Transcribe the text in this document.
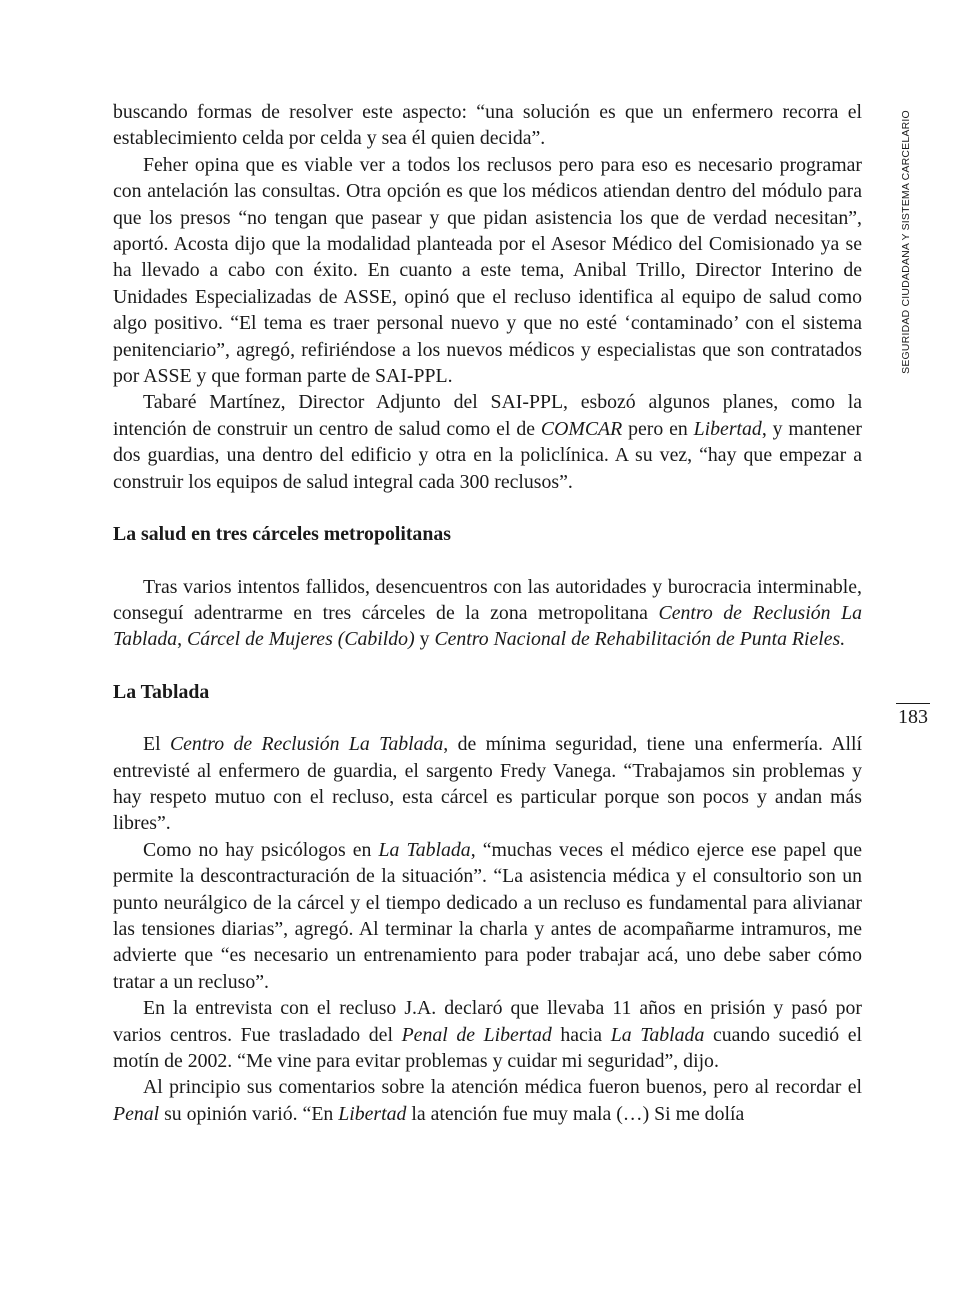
SEGURIDAD CIUDADANA Y SISTEMA CARCELARIO
183

buscando formas de resolver este aspecto: “una solución es que un enfermero recorra el establecimiento celda por celda y sea él quien decida”.

Feher opina que es viable ver a todos los reclusos pero para eso es necesario programar con antelación las consultas. Otra opción es que los médicos atiendan dentro del módulo para que los presos “no tengan que pasear y que pidan asistencia los que de verdad necesitan”, aportó. Acosta dijo que la modalidad planteada por el Asesor Médico del Comisionado ya se ha llevado a cabo con éxito. En cuanto a este tema, Anibal Trillo, Director Interino de Unidades Especializadas de ASSE, opinó que el recluso identifica al equipo de salud como algo positivo. “El tema es traer personal nuevo y que no esté ‘contaminado’ con el sistema penitenciario”, agregó, refiriéndose a los nuevos médicos y especialistas que son contratados por ASSE y que forman parte de SAI-PPL.

Tabaré Martínez, Director Adjunto del SAI-PPL, esbozó algunos planes, como la intención de construir un centro de salud como el de COMCAR pero en Libertad, y mantener dos guardias, una dentro del edificio y otra en la policlínica. A su vez, “hay que empezar a construir los equipos de salud integral cada 300 reclusos”.

La salud en tres cárceles metropolitanas

Tras varios intentos fallidos, desencuentros con las autoridades y burocracia interminable, conseguí adentrarme en tres cárceles de la zona metropolitana Centro de Reclusión La Tablada, Cárcel de Mujeres (Cabildo) y Centro Nacional de Rehabilitación de Punta Rieles.

La Tablada

El Centro de Reclusión La Tablada, de mínima seguridad, tiene una enfermería. Allí entrevisté al enfermero de guardia, el sargento Fredy Vanega. “Trabajamos sin problemas y hay respeto mutuo con el recluso, esta cárcel es particular porque son pocos y andan más libres”.

Como no hay psicólogos en La Tablada, “muchas veces el médico ejerce ese papel que permite la descontracturación de la situación”. “La asistencia médica y el consultorio son un punto neurálgico de la cárcel y el tiempo dedicado a un recluso es fundamental para alivianar las tensiones diarias”, agregó. Al terminar la charla y antes de acompañarme intramuros, me advierte que “es necesario un entrenamiento para poder trabajar acá, uno debe saber cómo tratar a un recluso”.

En la entrevista con el recluso J.A. declaró que llevaba 11 años en prisión y pasó por varios centros. Fue trasladado del Penal de Libertad hacia La Tablada cuando sucedió el motín de 2002. “Me vine para evitar problemas y cuidar mi seguridad”, dijo.

Al principio sus comentarios sobre la atención médica fueron buenos, pero al recordar el Penal su opinión varió. “En Libertad la atención fue muy mala (…) Si me dolía
